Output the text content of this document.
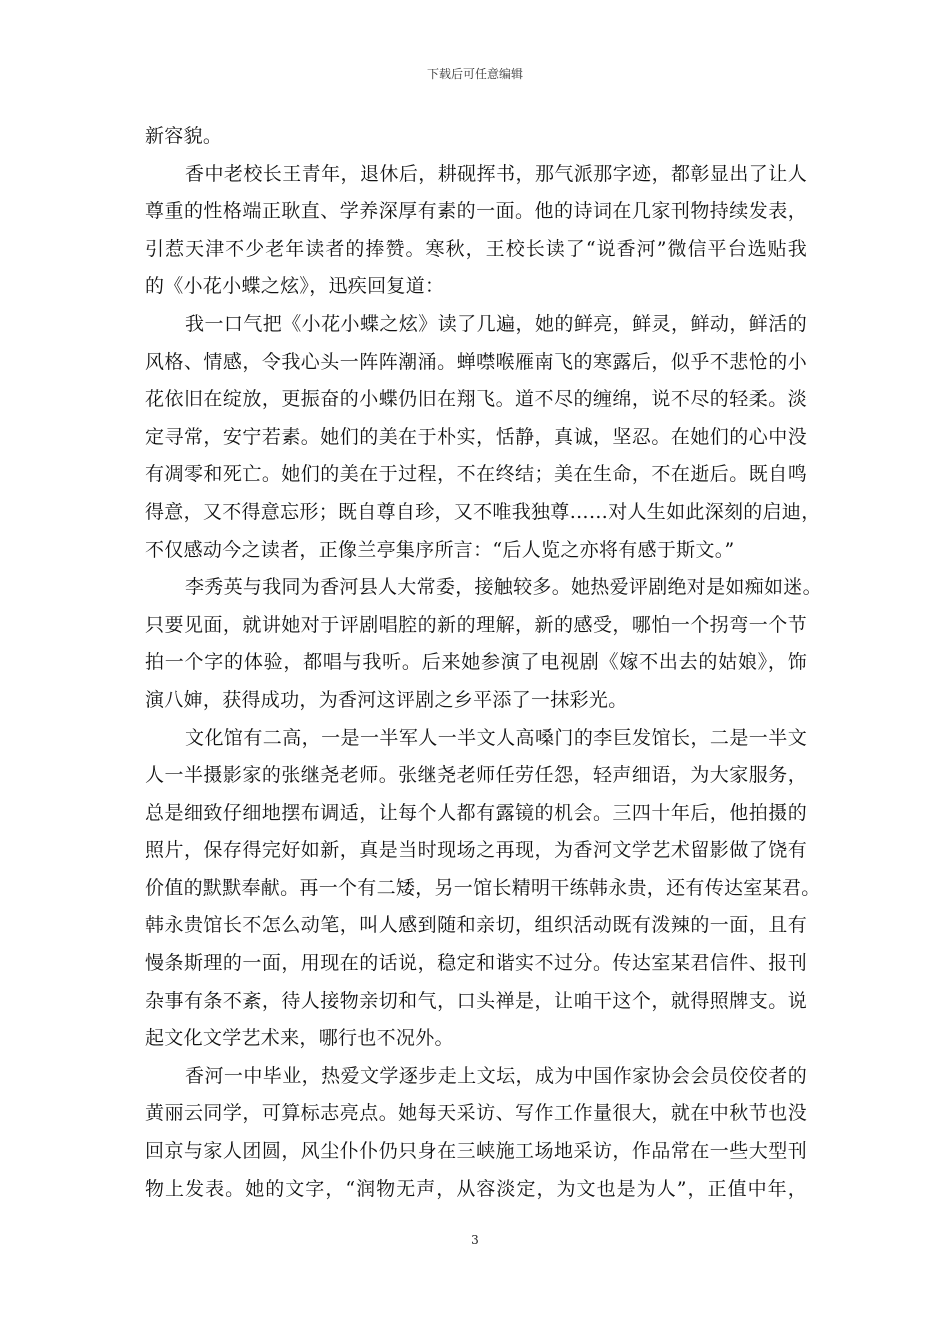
下载后可任意编辑
新容貌。
香中老校长王青年，退休后，耕砚挥书，那气派那字迹，都彰显出了让人
尊重的性格端正耿直、学养深厚有素的一面。他的诗词在几家刊物持续发表，
引惹天津不少老年读者的捧赞。寒秋，王校长读了“说香河”微信平台选贴我
的《小花小蝶之炫》，迅疾回复道：
我一口气把《小花小蝶之炫》读了几遍，她的鲜亮，鲜灵，鲜动，鲜活的
风格、情感，令我心头一阵阵潮涌。蝉噤喉雁南飞的寒露后，似乎不悲怆的小
花依旧在绽放，更振奋的小蝶仍旧在翔飞。道不尽的缠绵，说不尽的轻柔。淡
定寻常，安宁若素。她们的美在于朴实，恬静，真诚，坚忍。在她们的心中没
有凋零和死亡。她们的美在于过程，不在终结；美在生命，不在逝后。既自鸣
得意，又不得意忘形；既自尊自珍，又不唯我独尊……对人生如此深刻的启迪，
不仅感动今之读者，正像兰亭集序所言：“后人览之亦将有感于斯文。”
李秀英与我同为香河县人大常委，接触较多。她热爱评剧绝对是如痴如迷。
只要见面，就讲她对于评剧唱腔的新的理解，新的感受，哪怕一个拐弯一个节
拍一个字的体验，都唱与我听。后来她参演了电视剧《嫁不出去的姑娘》，饰
演八婶，获得成功，为香河这评剧之乡平添了一抹彩光。
文化馆有二高，一是一半军人一半文人高嗓门的李巨发馆长，二是一半文
人一半摄影家的张继尧老师。张继尧老师任劳任怨，轻声细语，为大家服务，
总是细致仔细地摆布调适，让每个人都有露镜的机会。三四十年后，他拍摄的
照片，保存得完好如新，真是当时现场之再现，为香河文学艺术留影做了饶有
价值的默默奉献。再一个有二矮，另一馆长精明干练韩永贵，还有传达室某君。
韩永贵馆长不怎么动笔，叫人感到随和亲切，组织活动既有泼辣的一面，且有
慢条斯理的一面，用现在的话说，稳定和谐实不过分。传达室某君信件、报刊
杂事有条不紊，待人接物亲切和气，口头禅是，让咱干这个，就得照牌支。说
起文化文学艺术来，哪行也不况外。
香河一中毕业，热爱文学逐步走上文坛，成为中国作家协会会员佼佼者的
黄丽云同学，可算标志亮点。她每天采访、写作工作量很大，就在中秋节也没
回京与家人团圆，风尘仆仆仍只身在三峡施工场地采访，作品常在一些大型刊
物上发表。她的文字，“润物无声，从容淡定，为文也是为人”，正值中年，
3
